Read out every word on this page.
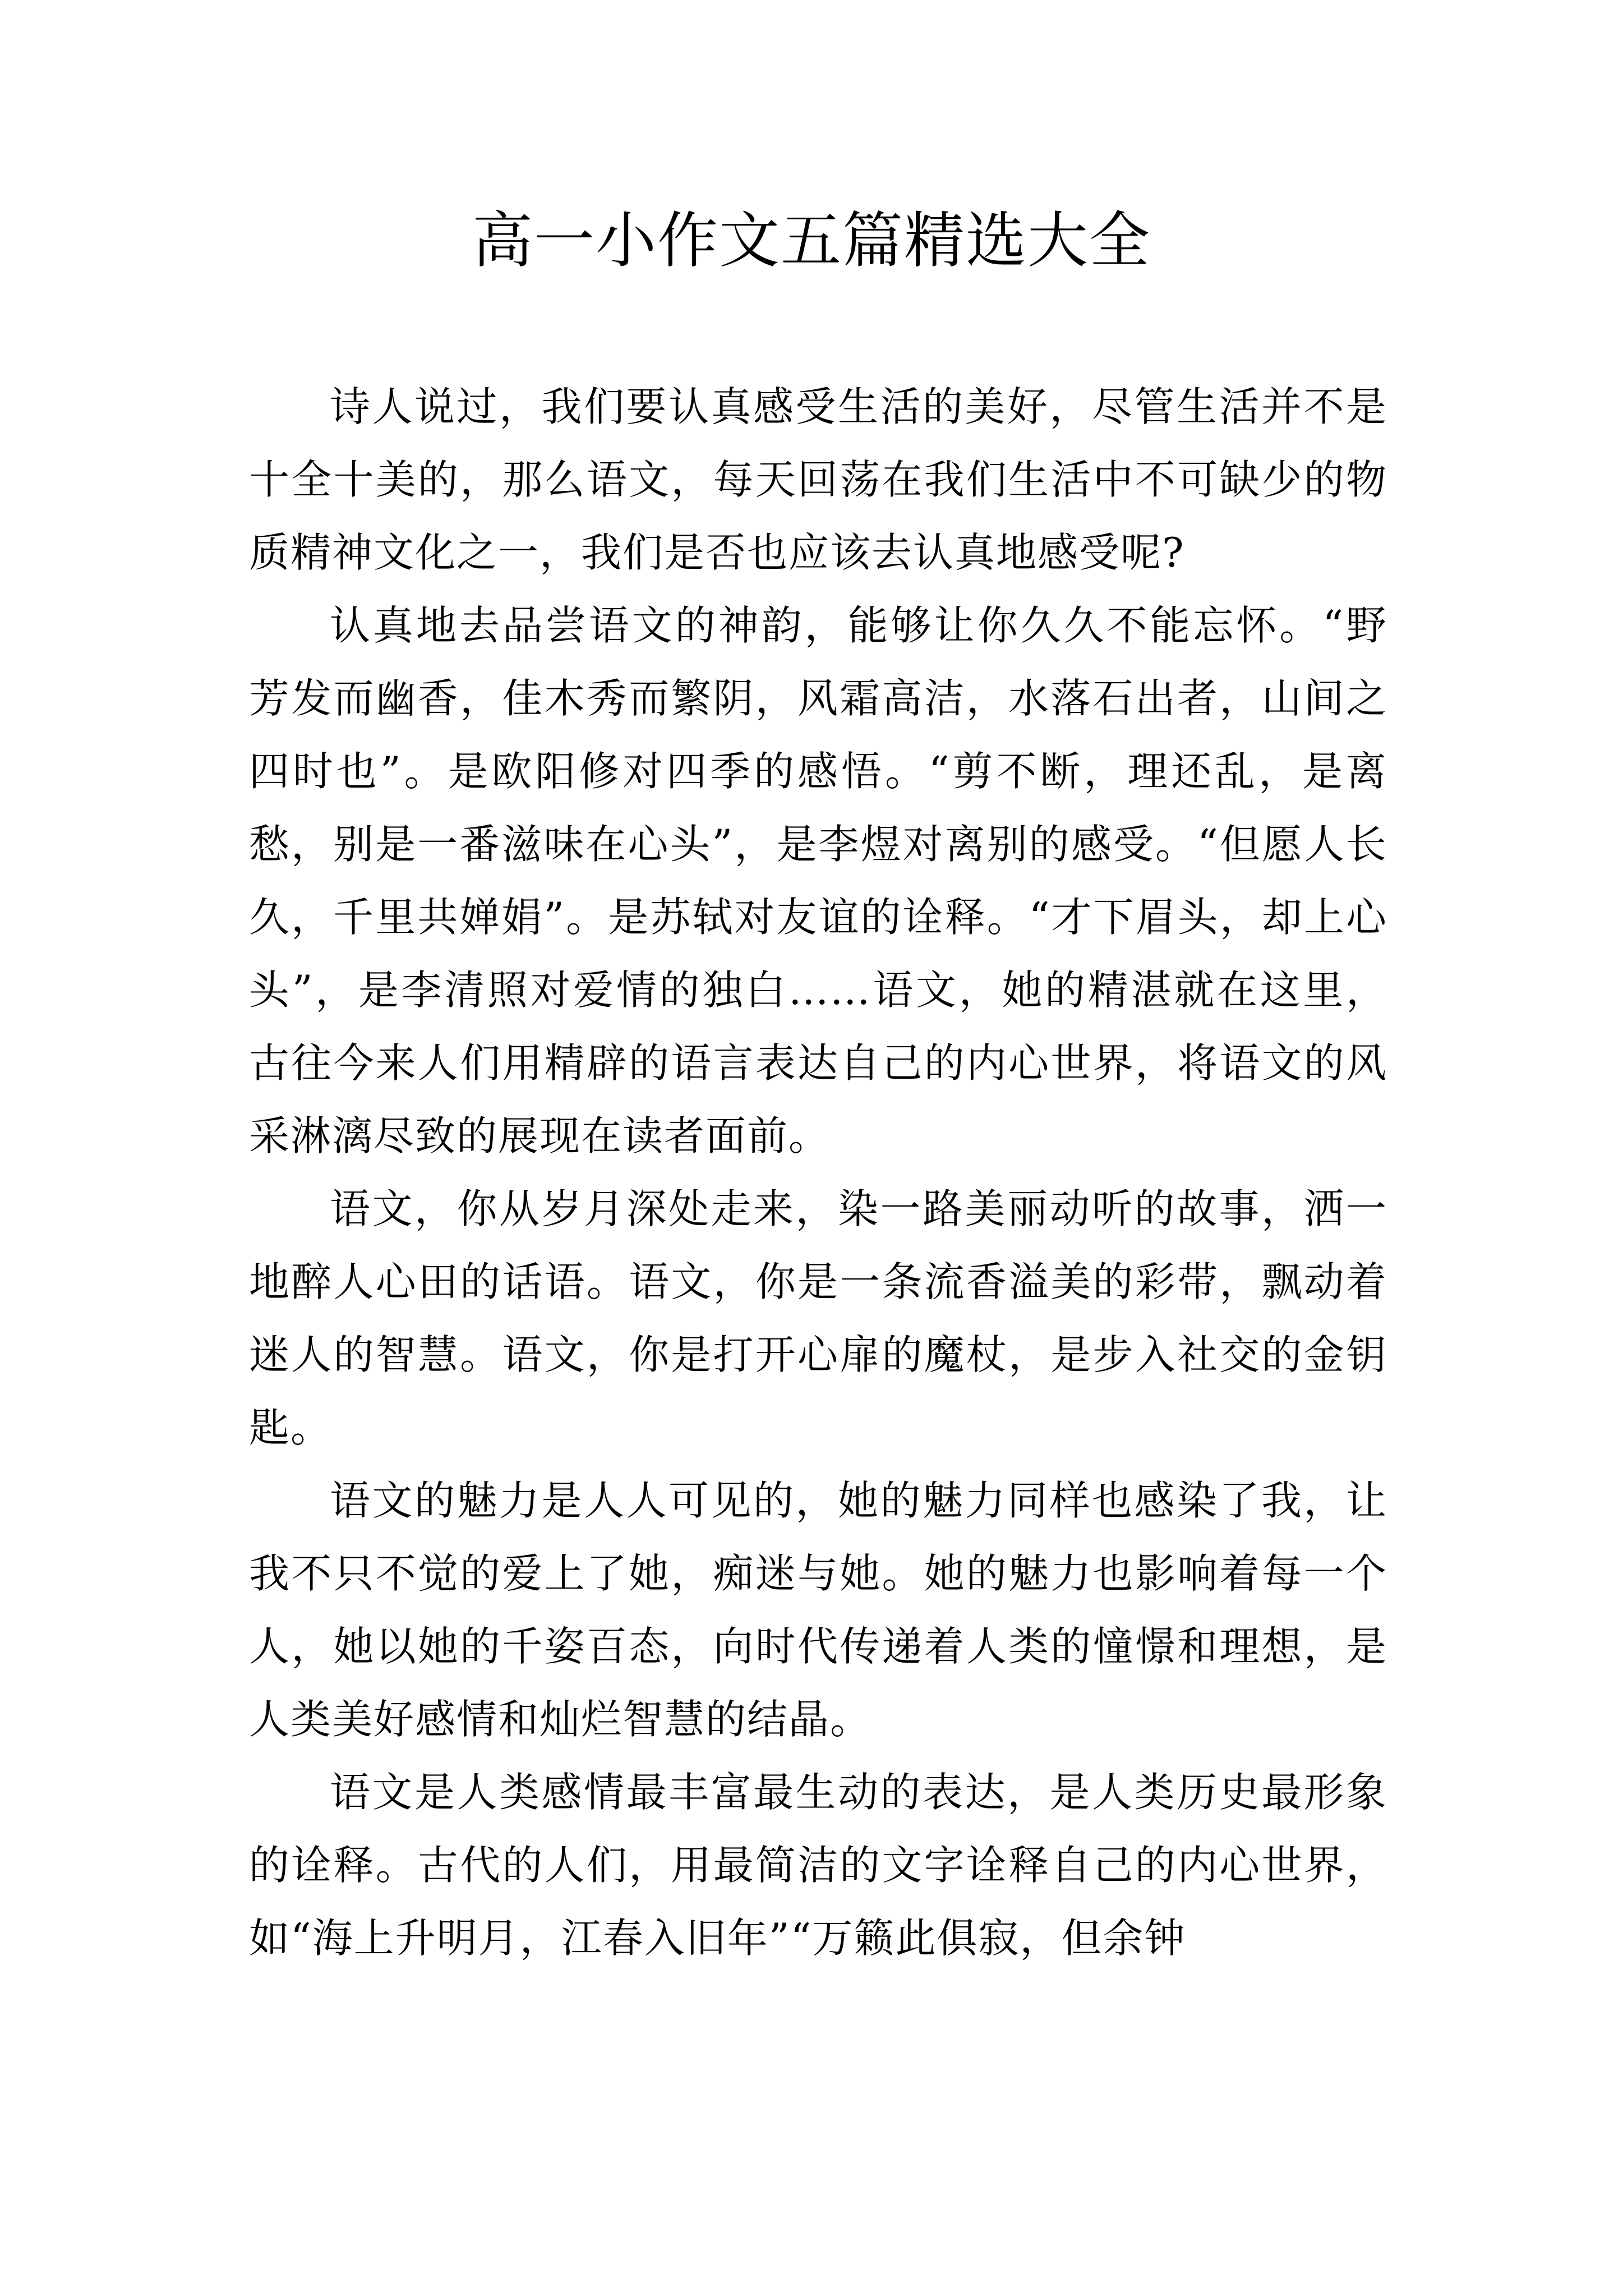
高一小作文五篇精选大全

诗人说过，我们要认真感受生活的美好，尽管生活并不是十全十美的，那么语文，每天回荡在我们生活中不可缺少的物质精神文化之一，我们是否也应该去认真地感受呢?

认真地去品尝语文的神韵，能够让你久久不能忘怀。“野芳发而幽香，佳木秀而繁阴，风霜高洁，水落石出者，山间之四时也”。是欧阳修对四季的感悟。“剪不断，理还乱，是离愁，别是一番滋味在心头”，是李煜对离别的感受。“但愿人长久，千里共婵娟”。是苏轼对友谊的诠释。“才下眉头，却上心头”，是李清照对爱情的独白……语文，她的精湛就在这里，古往今来人们用精辟的语言表达自己的内心世界，将语文的风采淋漓尽致的展现在读者面前。

语文，你从岁月深处走来，染一路美丽动听的故事，洒一地醉人心田的话语。语文，你是一条流香溢美的彩带，飘动着迷人的智慧。语文，你是打开心扉的魔杖，是步入社交的金钥匙。

语文的魅力是人人可见的，她的魅力同样也感染了我，让我不只不觉的爱上了她，痴迷与她。她的魅力也影响着每一个人，她以她的千姿百态，向时代传递着人类的憧憬和理想，是人类美好感情和灿烂智慧的结晶。

语文是人类感情最丰富最生动的表达，是人类历史最形象的诠释。古代的人们，用最简洁的文字诠释自己的内心世界，如“海上升明月，江春入旧年”“万籁此俱寂，但余钟
